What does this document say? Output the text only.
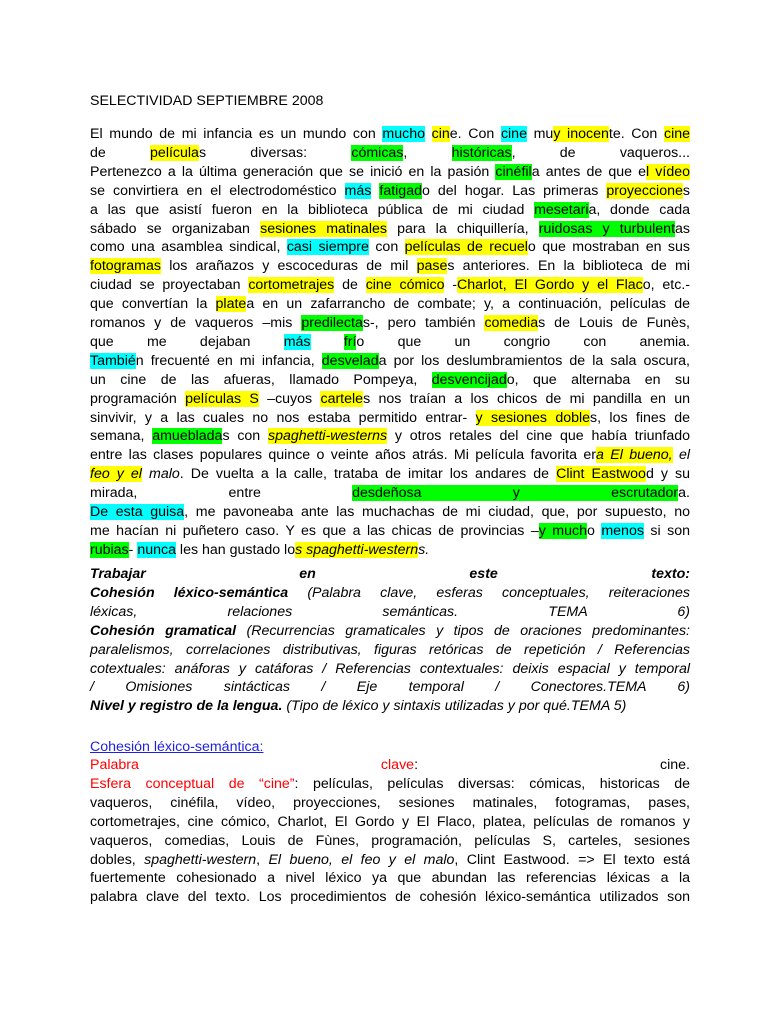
SELECTIVIDAD SEPTIEMBRE 2008
El mundo de mi infancia es un mundo con mucho cine. Con cine muy inocente. Con cine
de películas diversas: cómicas, históricas, de vaqueros...
Pertenezco a la última generación que se inició en la pasión cinéfila antes de que el vídeo
se convirtiera en el electrodoméstico más fatigado del hogar. Las primeras proyecciones
a las que asistí fueron en la biblioteca pública de mi ciudad mesetaria, donde cada
sábado se organizaban sesiones matinales para la chiquillería, ruidosas y turbulentas
como una asamblea sindical, casi siempre con películas de recuelo que mostraban en sus
fotogramas los arañazos y escoceduras de mil pases anteriores. En la biblioteca de mi
ciudad se proyectaban cortometrajes de cine cómico -Charlot, El Gordo y el Flaco, etc.-
que convertían la platea en un zafarrancho de combate; y, a continuación, películas de
romanos y de vaqueros –mis predilectas-, pero también comedias de Louis de Funès,
que me dejaban más frío que un congrio con anemia.
También frecuenté en mi infancia, desvelada por los deslumbramientos de la sala oscura,
un cine de las afueras, llamado Pompeya, desvencijado, que alternaba en su
programación películas S –cuyos carteles nos traían a los chicos de mi pandilla en un
sinvivir, y a las cuales no nos estaba permitido entrar- y sesiones dobles, los fines de
semana, amuebladas con spaghetti-westerns y otros retales del cine que había triunfado
entre las clases populares quince o veinte años atrás. Mi película favorita era El bueno, el
feo y el malo. De vuelta a la calle, trataba de imitar los andares de Clint Eastwood y su
mirada, entre desdeñosa y escrutadora.
De esta guisa, me pavoneaba ante las muchachas de mi ciudad, que, por supuesto, no
me hacían ni puñetero caso. Y es que a las chicas de provincias –y mucho menos si son
rubias- nunca les han gustado los spaghetti-westerns.
Trabajar en este texto:
Cohesión léxico-semántica (Palabra clave, esferas conceptuales, reiteraciones
léxicas, relaciones semánticas. TEMA 6)
Cohesión gramatical (Recurrencias gramaticales y tipos de oraciones predominantes:
paralelismos, correlaciones distributivas, figuras retóricas de repetición / Referencias
cotextuales: anáforas y catáforas / Referencias contextuales: deixis espacial y temporal
/ Omisiones sintácticas / Eje temporal / Conectores.TEMA 6)
Nivel y registro de la lengua. (Tipo de léxico y sintaxis utilizadas y por qué.TEMA 5)
Cohesión léxico-semántica:
Palabra clave: cine.
Esfera conceptual de “cine”: películas, películas diversas: cómicas, historicas de
vaqueros, cinéfila, vídeo, proyecciones, sesiones matinales, fotogramas, pases,
cortometrajes, cine cómico, Charlot, El Gordo y El Flaco, platea, películas de romanos y
vaqueros, comedias, Louis de Fùnes, programación, películas S, carteles, sesiones
dobles, spaghetti-western, El bueno, el feo y el malo, Clint Eastwood. => El texto está
fuertemente cohesionado a nivel léxico ya que abundan las referencias léxicas a la
palabra clave del texto. Los procedimientos de cohesión léxico-semántica utilizados son
